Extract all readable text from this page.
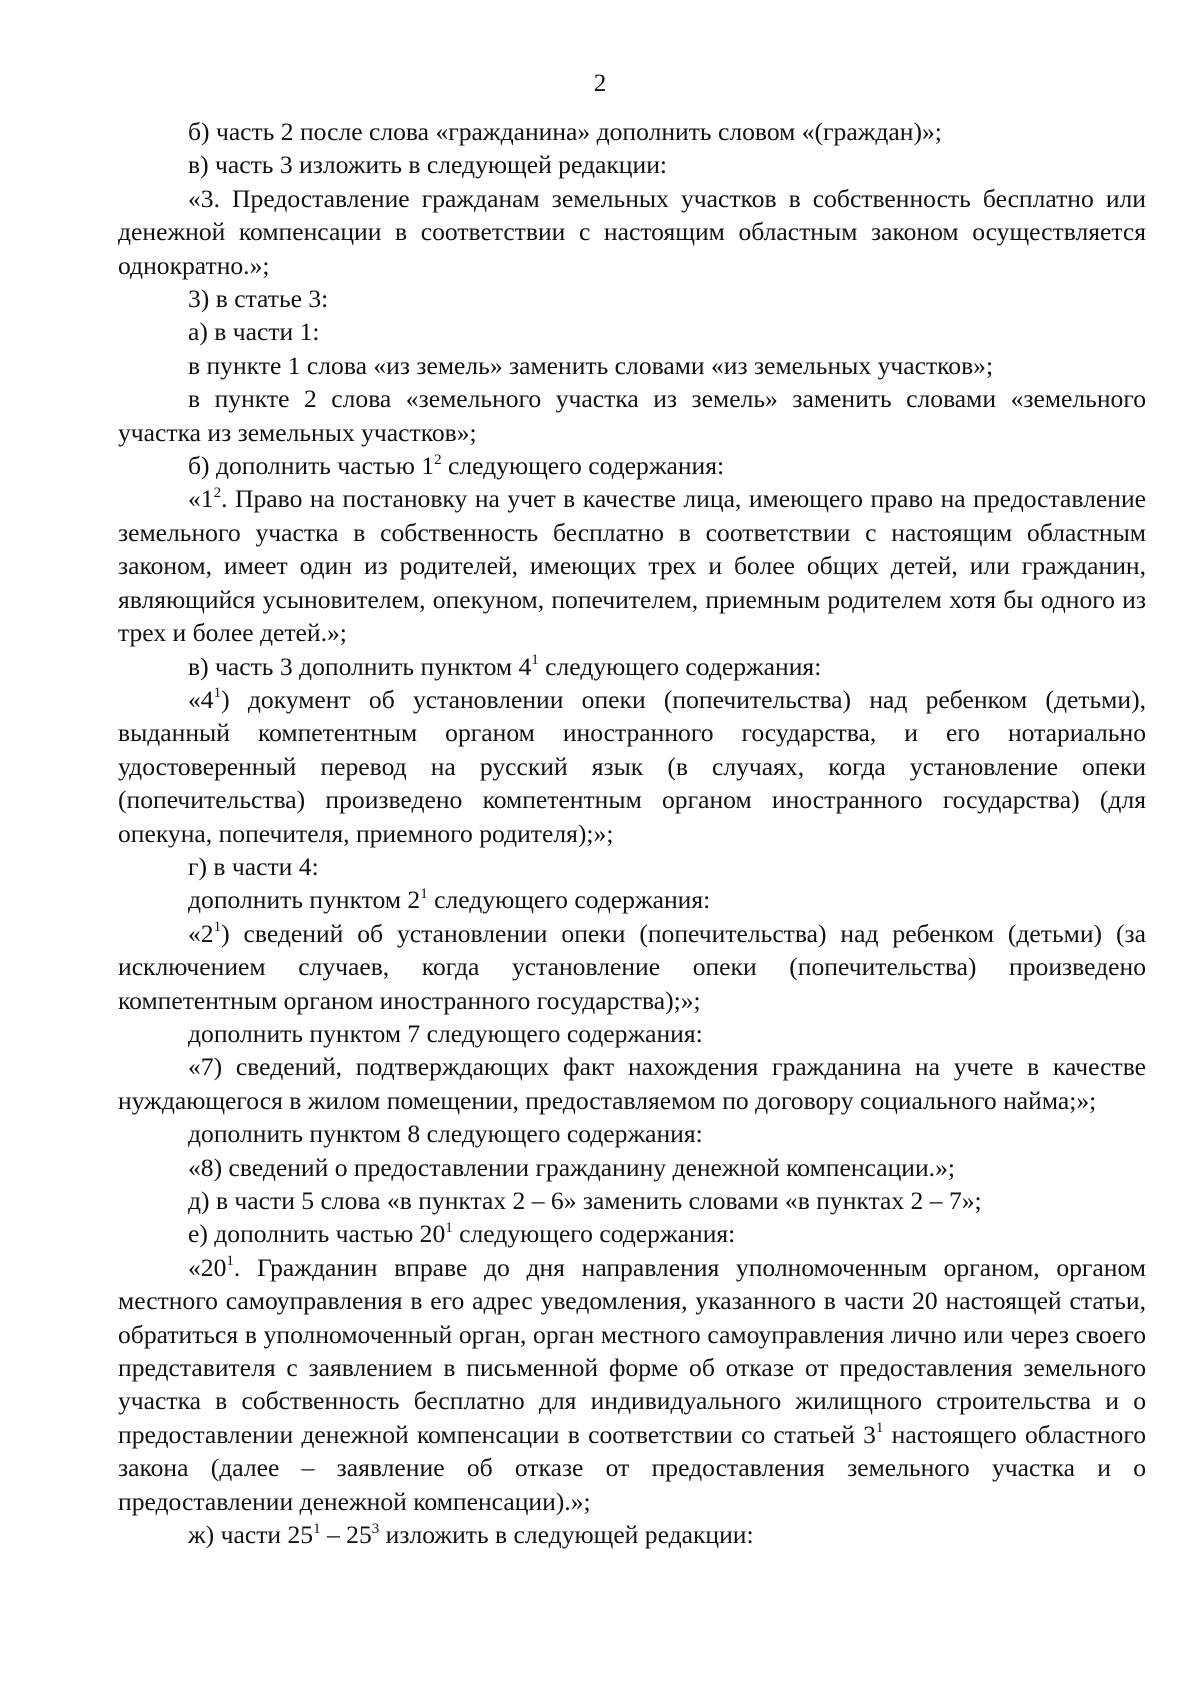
2

б) часть 2 после слова «гражданина» дополнить словом «(граждан)»;

в) часть 3 изложить в следующей редакции:

«3. Предоставление гражданам земельных участков в собственность бесплатно или денежной компенсации в соответствии с настоящим областным законом осуществляется однократно.»;

3) в статье 3:

а) в части 1:

в пункте 1 слова «из земель» заменить словами «из земельных участков»;

в пункте 2 слова «земельного участка из земель» заменить словами «земельного участка из земельных участков»;

б) дополнить частью $1^2$ следующего содержания:

«$1^2$. Право на постановку на учет в качестве лица, имеющего право на предоставление земельного участка в собственность бесплатно в соответствии с настоящим областным законом, имеет один из родителей, имеющих трех и более общих детей, или гражданин, являющийся усыновителем, опекуном, попечителем, приемным родителем хотя бы одного из трех и более детей.»;

в) часть 3 дополнить пунктом $4^1$ следующего содержания:

«$4^1$) документ об установлении опеки (попечительства) над ребенком (детьми), выданный компетентным органом иностранного государства, и его нотариально удостоверенный перевод на русский язык (в случаях, когда установление опеки (попечительства) произведено компетентным органом иностранного государства) (для опекуна, попечителя, приемного родителя);»;

г) в части 4:

дополнить пунктом $2^1$ следующего содержания:

«$2^1$) сведений об установлении опеки (попечительства) над ребенком (детьми) (за исключением случаев, когда установление опеки (попечительства) произведено компетентным органом иностранного государства);»;

дополнить пунктом 7 следующего содержания:

«7) сведений, подтверждающих факт нахождения гражданина на учете в качестве нуждающегося в жилом помещении, предоставляемом по договору социального найма;»;

дополнить пунктом 8 следующего содержания:

«8) сведений о предоставлении гражданину денежной компенсации.»;

д) в части 5 слова «в пунктах 2 – 6» заменить словами «в пунктах 2 – 7»;

е) дополнить частью $20^1$ следующего содержания:

«$20^1$. Гражданин вправе до дня направления уполномоченным органом, органом местного самоуправления в его адрес уведомления, указанного в части 20 настоящей статьи, обратиться в уполномоченный орган, орган местного самоуправления лично или через своего представителя с заявлением в письменной форме об отказе от предоставления земельного участка в собственность бесплатно для индивидуального жилищного строительства и о предоставлении денежной компенсации в соответствии со статьей $3^1$ настоящего областного закона (далее – заявление об отказе от предоставления земельного участка и о предоставлении денежной компенсации).»;

ж) части $25^1 - 25^3$ изложить в следующей редакции:
